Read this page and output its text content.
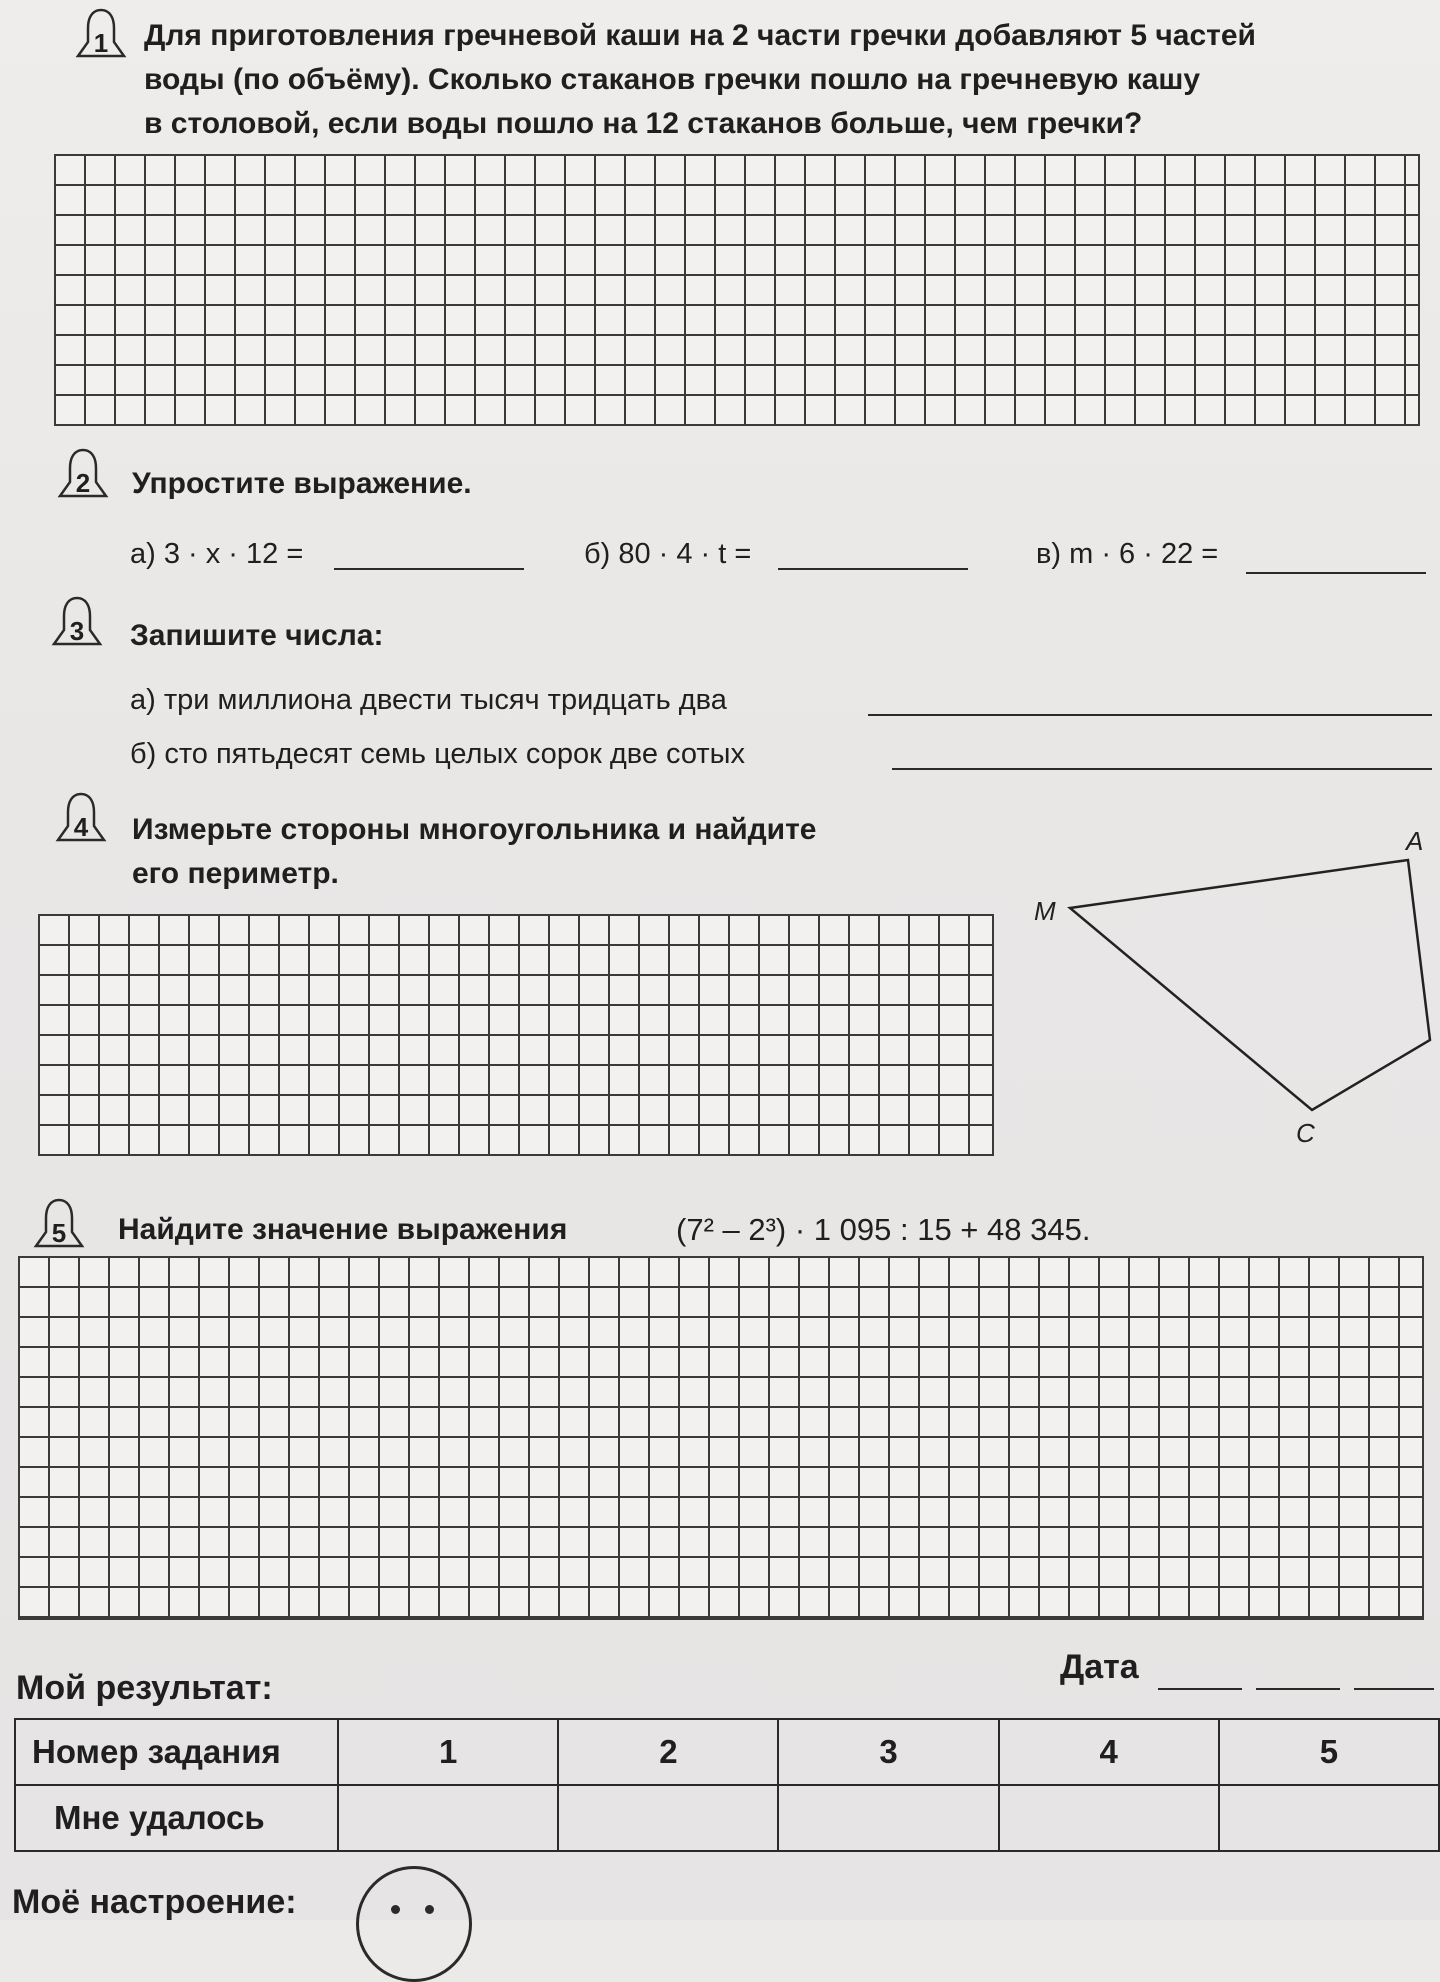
1	Для приготовления гречневой каши на 2 части гречки добавляют 5 частей
воды (по объёму). Сколько стаканов гречки пошло на гречневую кашу
в столовой, если воды пошло на 12 стаканов больше, чем гречки?
2	Упростите выражение.
а) 3 · x · 12 =	б) 80 · 4 · t =	в) m · 6 · 22 =
3	Запишите числа:
а) три миллиона двести тысяч тридцать два
б) сто пятьдесят семь целых сорок две сотых
4	Измерьте стороны многоугольника и найдите
его периметр.
A
M
C
5	Найдите значение выражения	(7² – 2³) · 1 095 : 15 + 48 345.
Мой результат:
Дата
Номер задания	1	2	3	4	5
Мне удалось					
Моё настроение:
